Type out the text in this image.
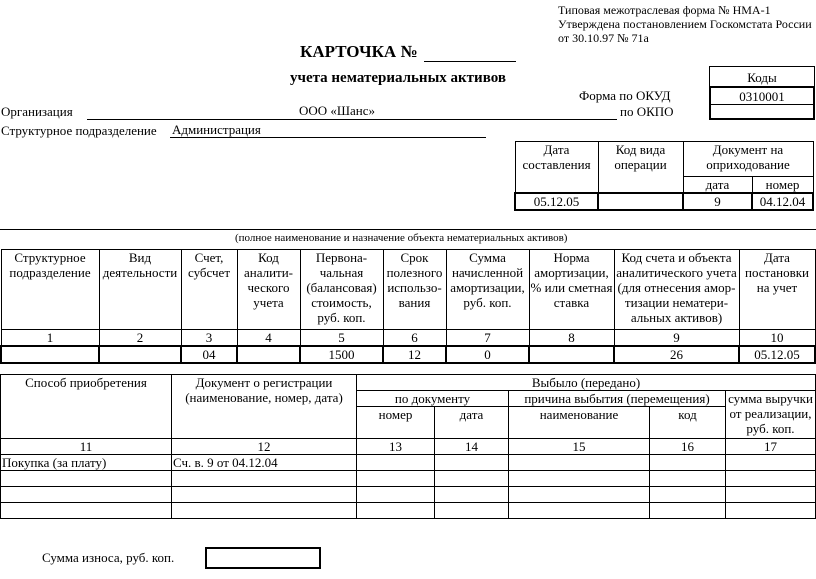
Типовая межотраслевая форма № НМА-1
Утверждена постановлением Госкомстата России
от 30.10.97 № 71а
КАРТОЧКА №
учета нематериальных активов	Коды
0310001
Форма по ОКУД
по ОКПО
Организация	ООО «Шанс»
Структурное подразделение Администрация
Дата составления	Код вида операции	Документ на оприходование	
		дата	номер
05.12.05		9	04.12.04
(полное наименование и назначение объекта нематериальных активов)
Структурное подразделение	Вид деятельности	Счет, субсчет	Код аналити-ческого учета	Первона-чальная (балансовая) стоимость, руб. коп.	Срок полезного использо-вания	Сумма начисленной амортизации, руб. коп.	Норма амортизации, % или сметная ставка	Код счета и объекта аналитического учета (для отнесения амор-тизации нематери-альных активов)	Дата постановки на учет
1	2	3	4	5	6	7	8	9	10
		04		1500	12	0		26	05.12.05
Способ приобретения	Документ о регистрации (наименование, номер, дата)	Выбыло (передано)				
		по документу		причина выбытия (перемещения)		сумма выручки от реализации, руб. коп.
		номер	дата	наименование	код	
11	12	13	14	15	16	17
Покупка (за плату)	Сч. в. 9 от 04.12.04					

Сумма износа, руб. коп.
